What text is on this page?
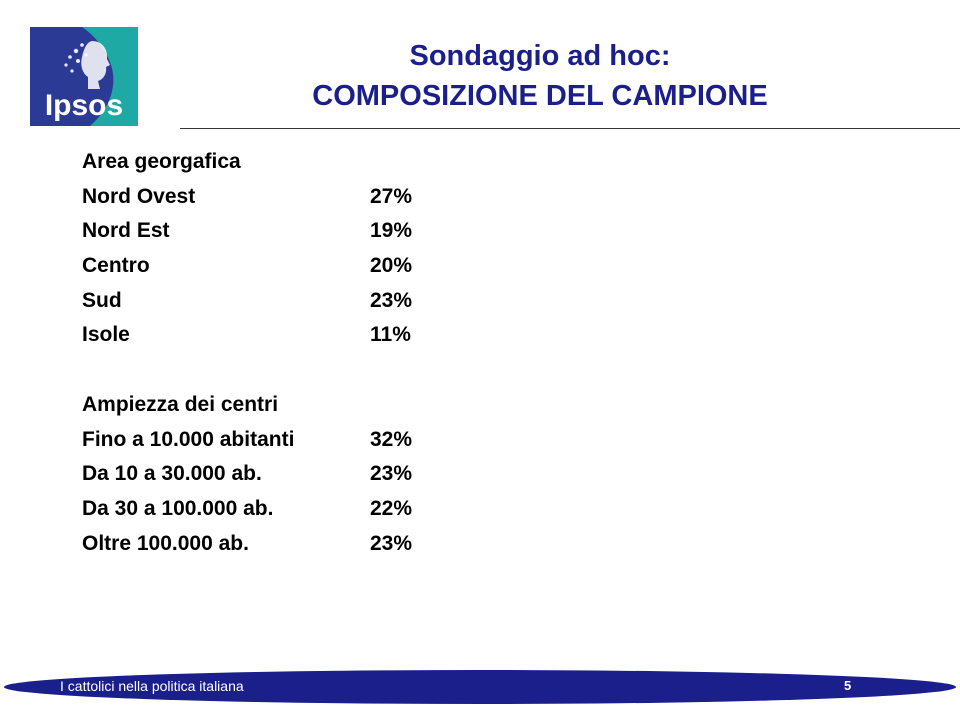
Ipsos
Sondaggio ad hoc:
COMPOSIZIONE DEL CAMPIONE
Area georgafica
Nord Ovest	27%
Nord Est	19%
Centro	20%
Sud	23%
Isole	11%
Ampiezza dei centri
Fino a 10.000 abitanti	32%
Da 10 a 30.000 ab.	23%
Da 30 a 100.000 ab.	22%
Oltre 100.000 ab.	23%
I cattolici nella politica italiana	5
